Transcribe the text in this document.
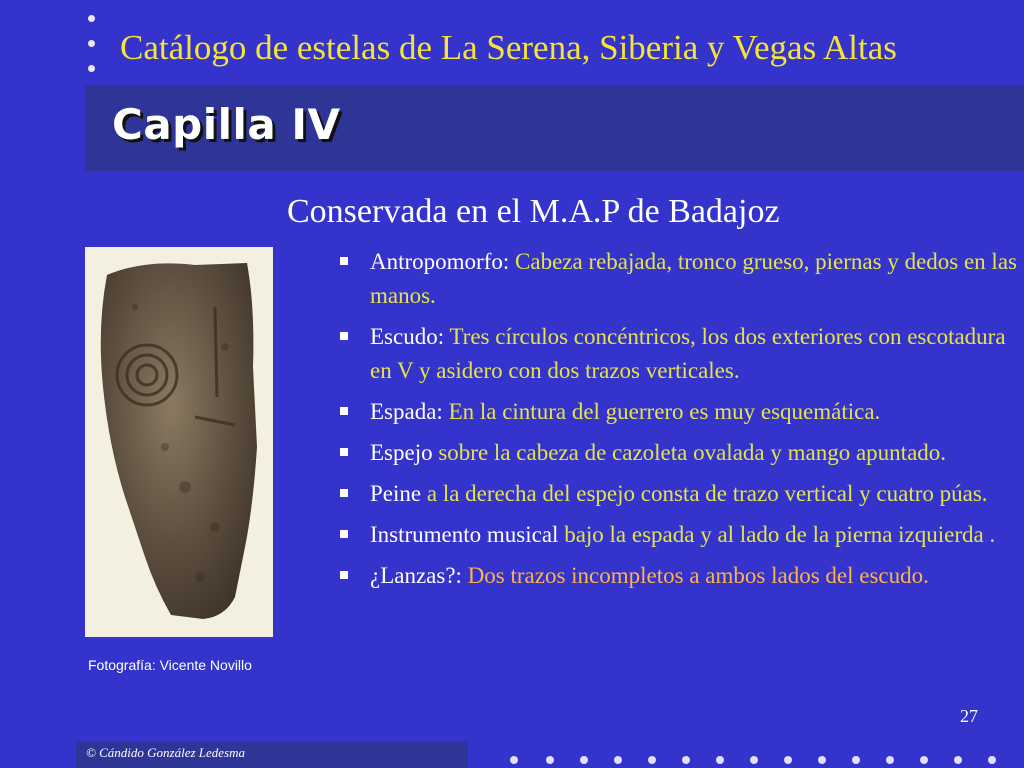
Catálogo de estelas de La Serena, Siberia y Vegas Altas
Capilla IV
Fotografía: Vicente Novillo
Conservada en el M.A.P de Badajoz
Antropomorfo: Cabeza rebajada, tronco grueso, piernas y dedos en las manos.
Escudo: Tres círculos concéntricos, los dos exteriores con escotadura en V y asidero con dos trazos verticales.
Espada: En la cintura del guerrero es muy esquemática.
Espejo sobre la cabeza de cazoleta ovalada y mango apuntado.
Peine a la derecha del espejo consta de trazo vertical y cuatro púas.
Instrumento musical bajo la espada y al lado de la pierna izquierda .
¿Lanzas?: Dos trazos incompletos a ambos lados del escudo.
27
© Cándido González Ledesma
